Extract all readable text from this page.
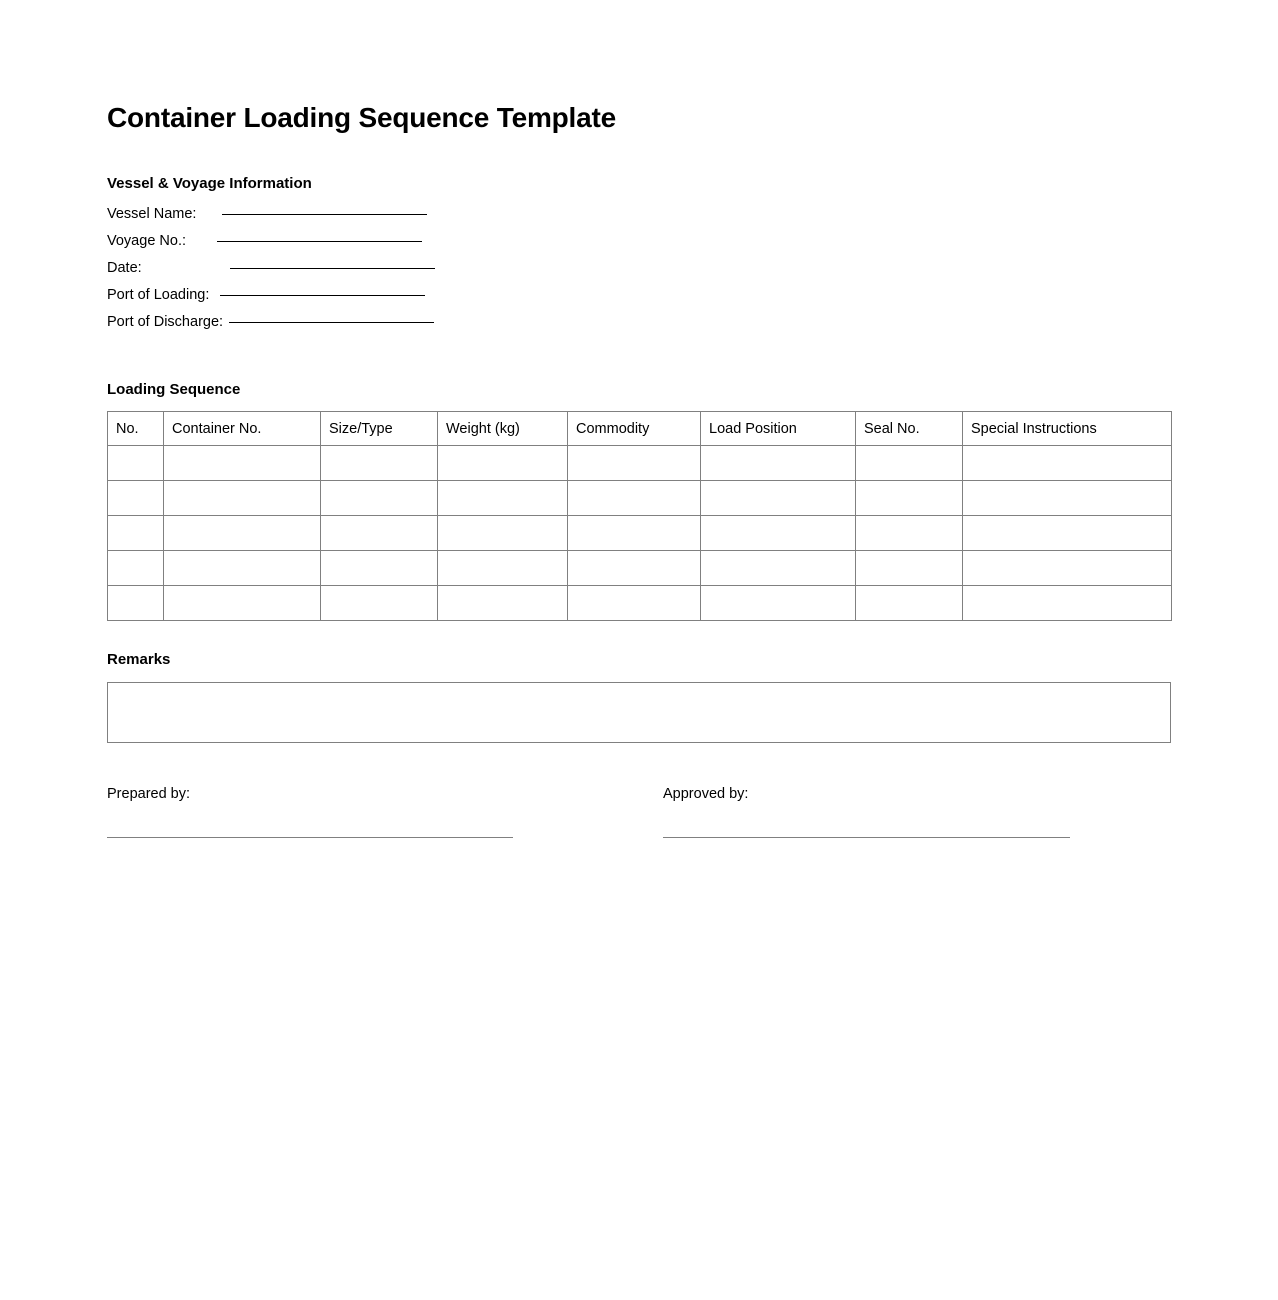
Container Loading Sequence Template
Vessel & Voyage Information
Vessel Name:
Voyage No.:
Date:
Port of Loading:
Port of Discharge:
Loading Sequence
No.	Container No.	Size/Type	Weight (kg)	Commodity	Load Position	Seal No.	Special Instructions

Remarks
Prepared by:	Approved by:
